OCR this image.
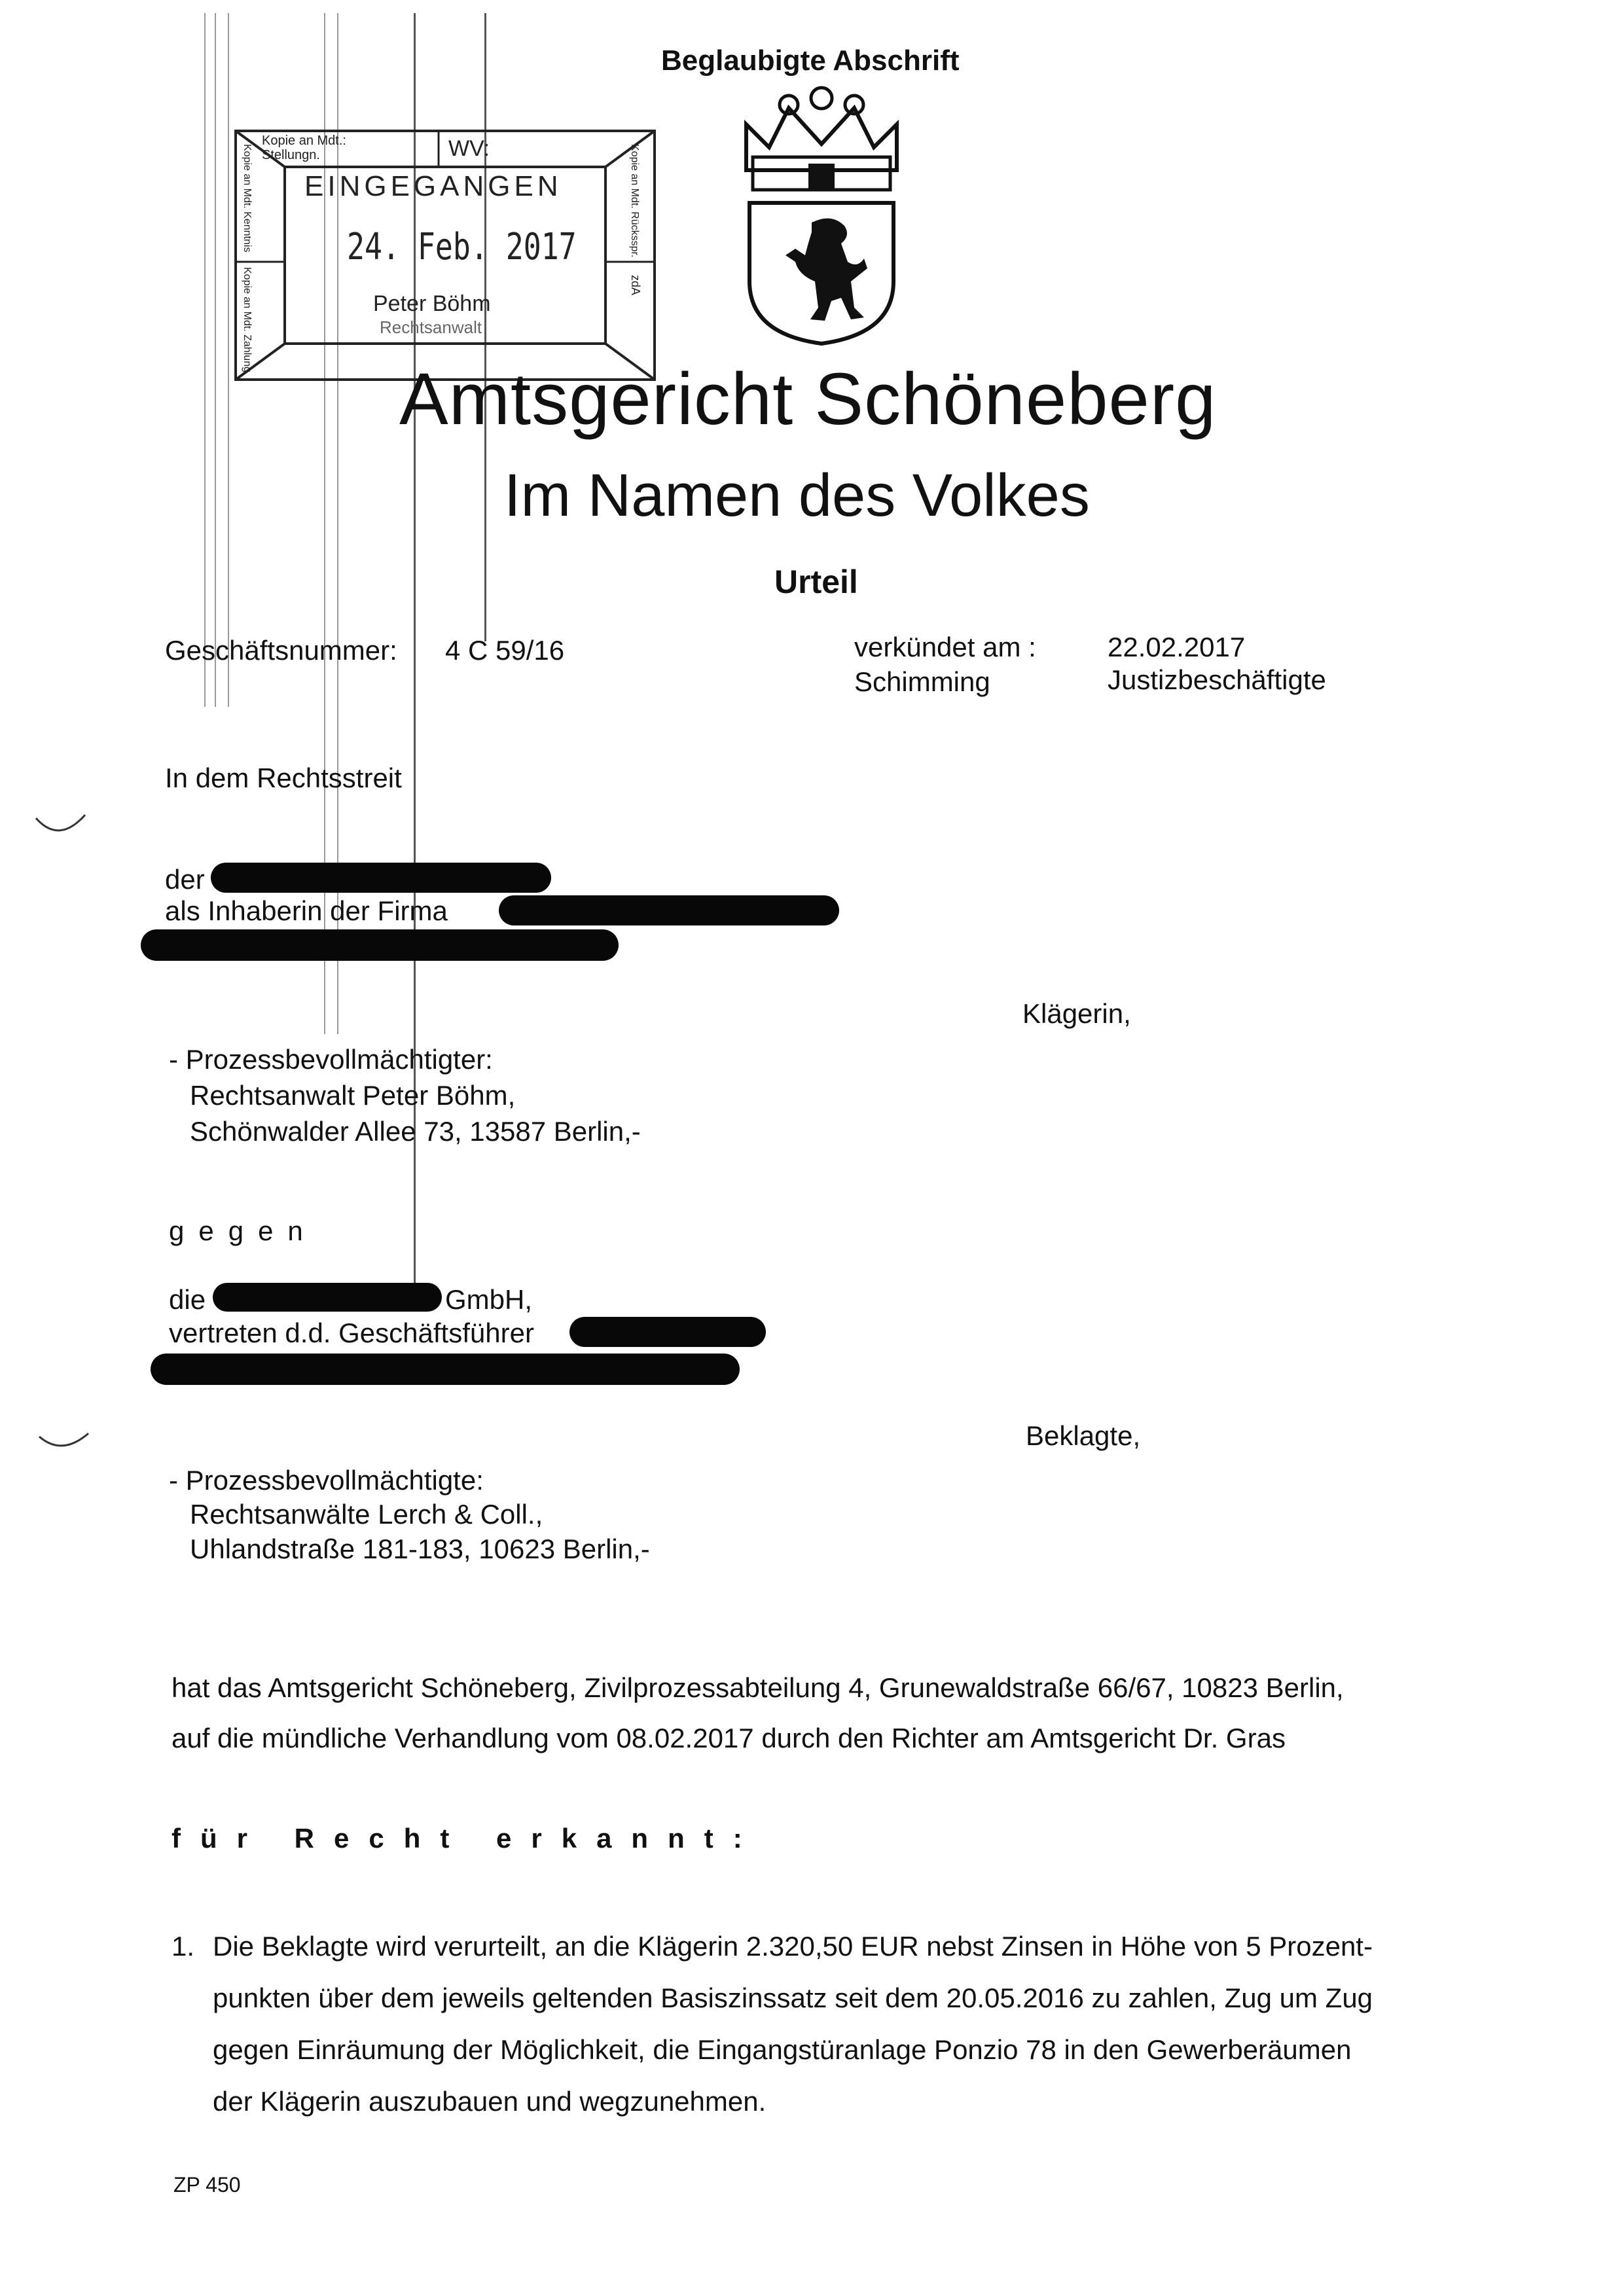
Beglaubigte Abschrift
Kopie an Mdt.:
Stellungn.	WV:
EINGEGANGEN
24. Feb. 2017
Peter Böhm
Rechtsanwalt
Kopie an Mdt. Kenntnis
Kopie an Mdt. Zahlung
Kopie an Mdt. Rücksspr.
zdA
Amtsgericht Schöneberg
Im Namen des Volkes
Urteil
Geschäftsnummer: 4 C 59/16	verkündet am :	22.02.2017
Schimming	Justizbeschäftigte
In dem Rechtsstreit
der
als Inhaberin der Firma
Klägerin,
- Prozessbevollmächtigter:
Rechtsanwalt Peter Böhm,
Schönwalder Allee 73, 13587 Berlin,-
gegen
die	GmbH,
vertreten d.d. Geschäftsführer
Beklagte,
- Prozessbevollmächtigte:
Rechtsanwälte Lerch & Coll.,
Uhlandstraße 181-183, 10623 Berlin,-
hat das Amtsgericht Schöneberg, Zivilprozessabteilung 4, Grunewaldstraße 66/67, 10823 Berlin,
auf die mündliche Verhandlung vom 08.02.2017 durch den Richter am Amtsgericht Dr. Gras
für Recht erkannt:
1. Die Beklagte wird verurteilt, an die Klägerin 2.320,50 EUR nebst Zinsen in Höhe von 5 Prozent-
punkten über dem jeweils geltenden Basiszinssatz seit dem 20.05.2016 zu zahlen, Zug um Zug
gegen Einräumung der Möglichkeit, die Eingangstüranlage Ponzio 78 in den Gewerberäumen
der Klägerin auszubauen und wegzunehmen.
ZP 450
